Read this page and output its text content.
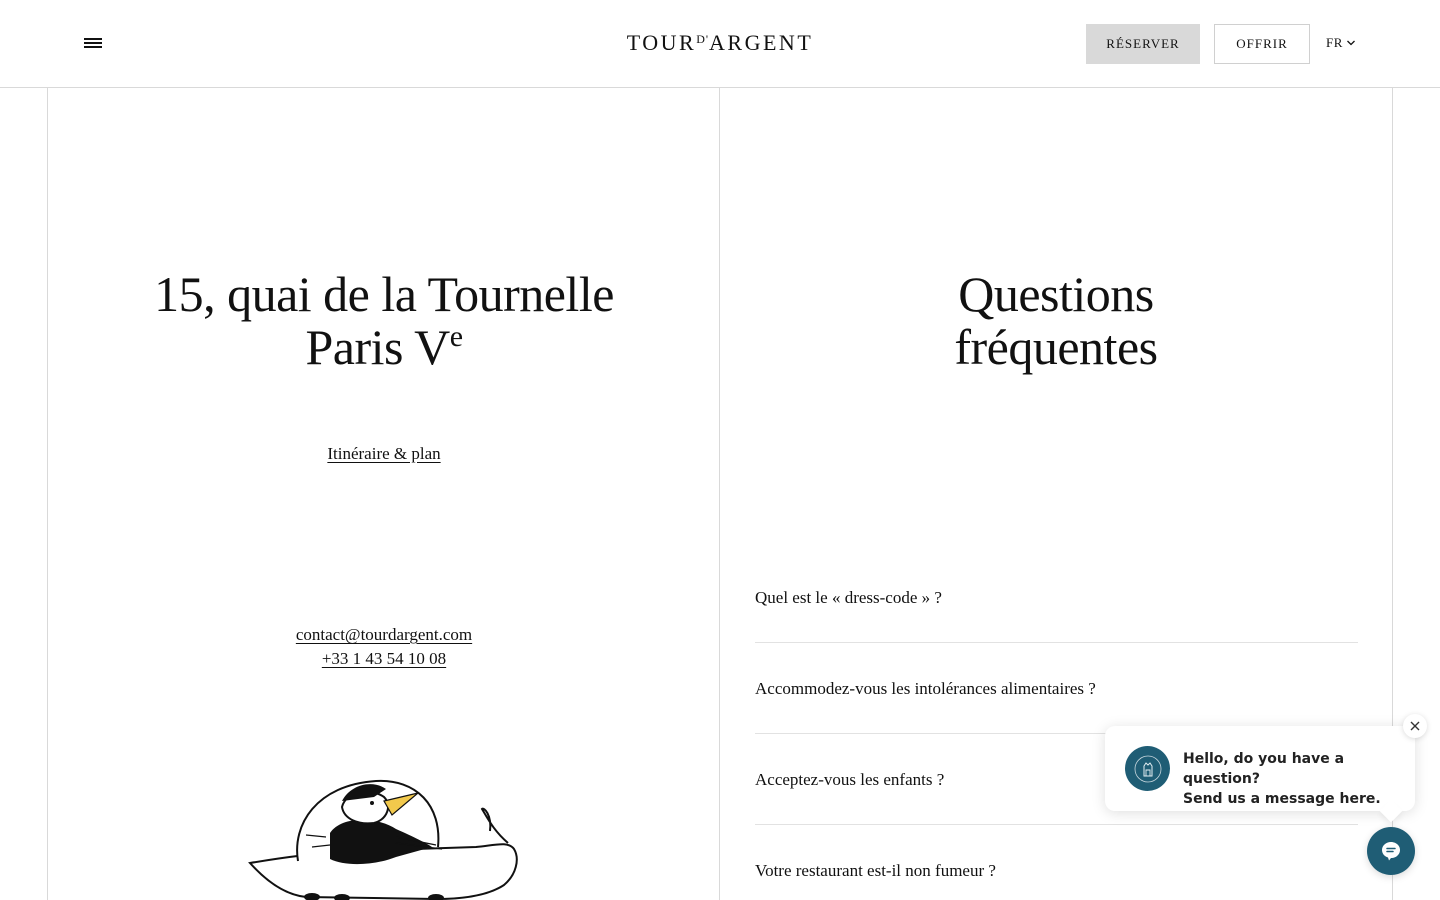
$TOUR^{D'}ARGENT$	RÉSERVER	OFFRIR	FR
15, quai de la Tournelle
Paris Ve
Itinéraire & plan
contact@tourdargent.com
+33 1 43 54 10 08
Questions
fréquentes
Quel est le « dress-code » ?
Accommodez-vous les intolérances alimentaires ?
Acceptez-vous les enfants ?
Votre restaurant est-il non fumeur ?
Hello, do you have a question?
Send us a message here.
